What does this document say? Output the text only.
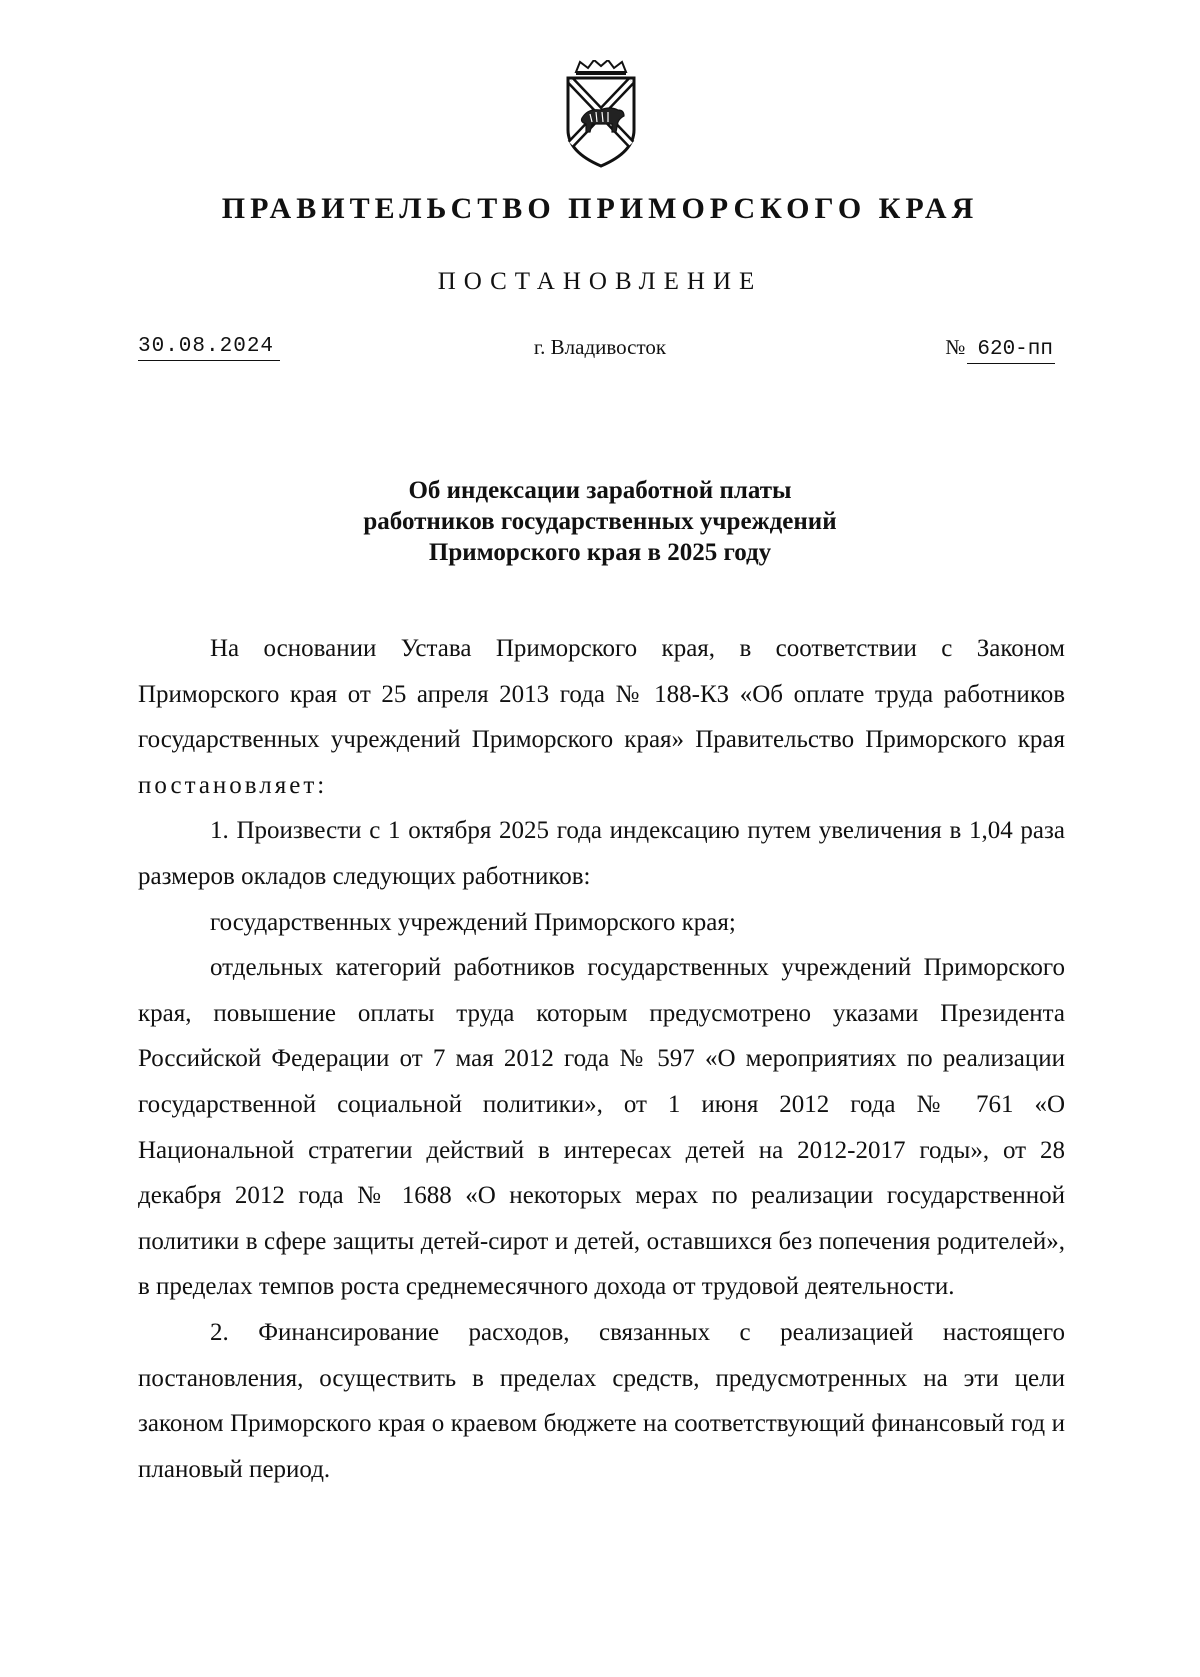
ПРАВИТЕЛЬСТВО ПРИМОРСКОГО КРАЯ
ПОСТАНОВЛЕНИЕ
30.08.2024	г. Владивосток	№ 620-пп
Об индексации заработной платы
работников государственных учреждений
Приморского края в 2025 году

На основании Устава Приморского края, в соответствии с Законом Приморского края от 25 апреля 2013 года № 188-КЗ «Об оплате труда работников государственных учреждений Приморского края» Правительство Приморского края постановляет:

1. Произвести с 1 октября 2025 года индексацию путем увеличения в 1,04 раза размеров окладов следующих работников:

государственных учреждений Приморского края;

отдельных категорий работников государственных учреждений Приморского края, повышение оплаты труда которым предусмотрено указами Президента Российской Федерации от 7 мая 2012 года № 597 «О мероприятиях по реализации государственной социальной политики», от 1 июня 2012 года № 761 «О Национальной стратегии действий в интересах детей на 2012-2017 годы», от 28 декабря 2012 года № 1688 «О некоторых мерах по реализации государственной политики в сфере защиты детей-сирот и детей, оставшихся без попечения родителей», в пределах темпов роста среднемесячного дохода от трудовой деятельности.

2. Финансирование расходов, связанных с реализацией настоящего постановления, осуществить в пределах средств, предусмотренных на эти цели законом Приморского края о краевом бюджете на соответствующий финансовый год и плановый период.
